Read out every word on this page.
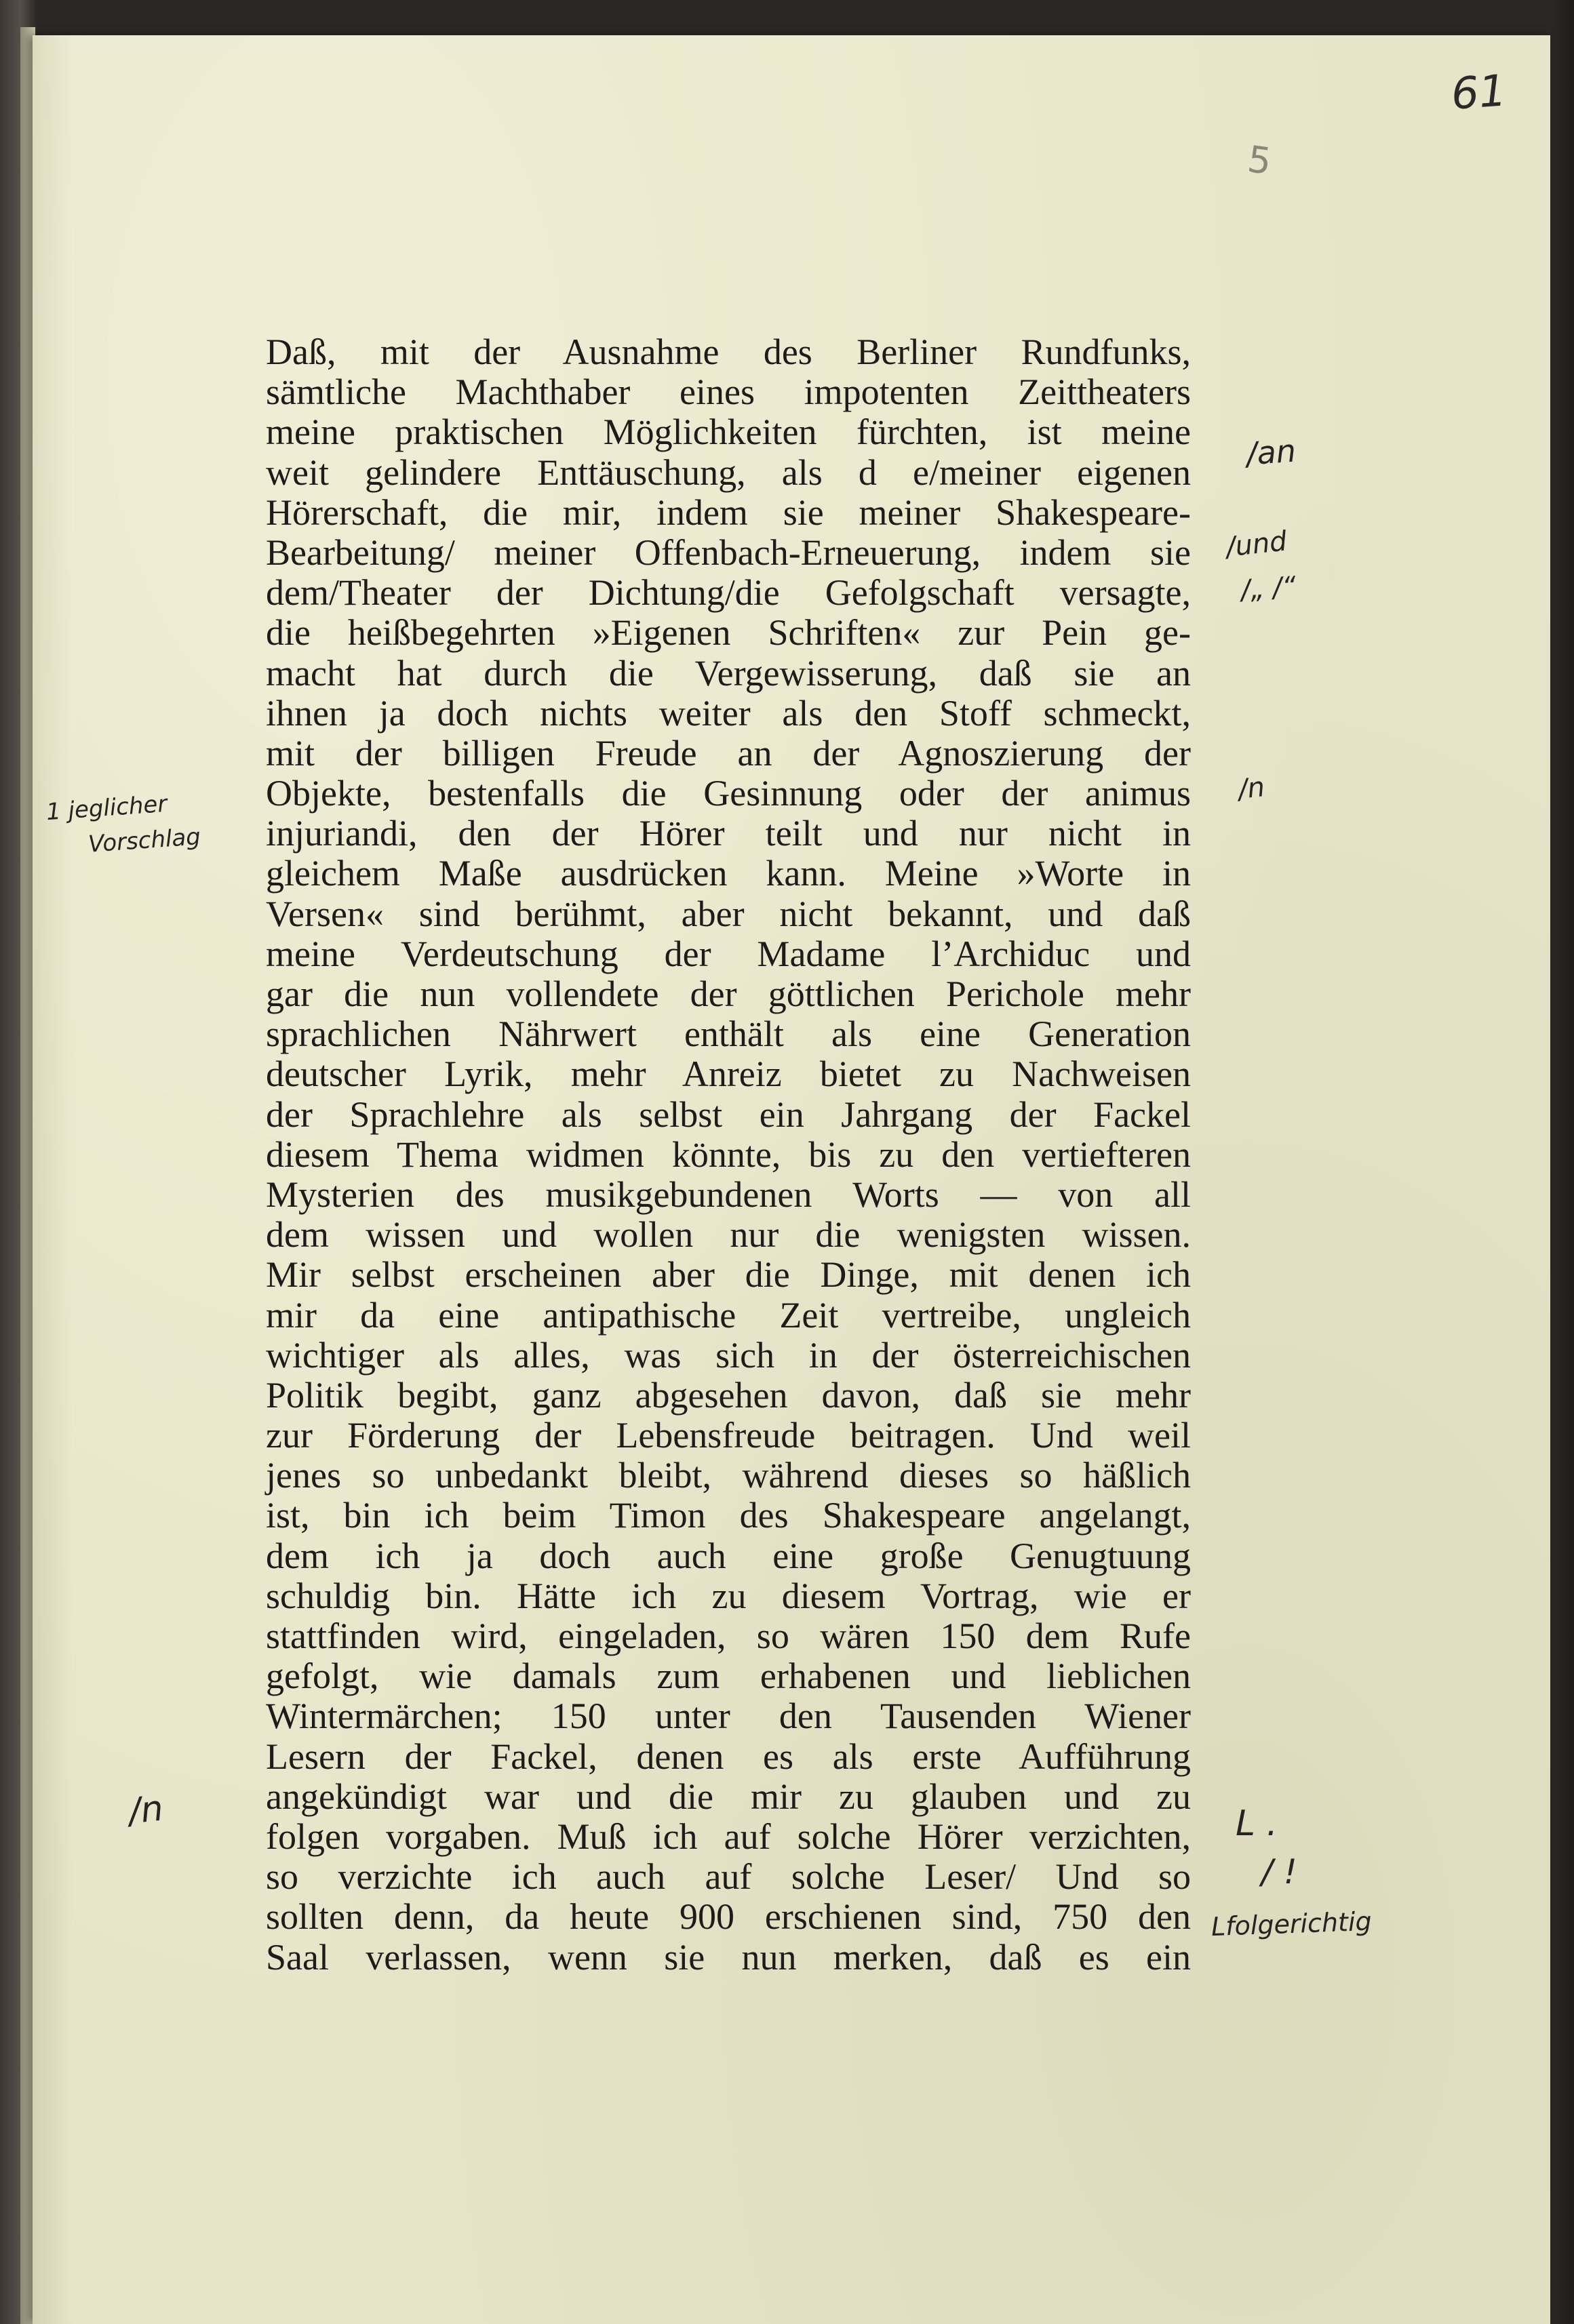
61
5
Daß, mit der Ausnahme des Berliner Rundfunks,
sämtliche Machthaber eines impotenten Zeittheaters
meine praktischen Möglichkeiten fürchten, ist meine
weit gelindere Enttäuschung, als d e/meiner eigenen
Hörerschaft, die mir, indem sie meiner Shakespeare-
Bearbeitung/ meiner Offenbach-Erneuerung, indem sie
dem/Theater der Dichtung/die Gefolgschaft versagte,
die heißbegehrten »Eigenen Schriften« zur Pein ge-
macht hat durch die Vergewisserung, daß sie an
ihnen ja doch nichts weiter als den Stoff schmeckt,
mit der billigen Freude an der Agnoszierung der
Objekte, bestenfalls die Gesinnung oder der animus
injuriandi, den der Hörer teilt und nur nicht in
gleichem Maße ausdrücken kann. Meine »Worte in
Versen« sind berühmt, aber nicht bekannt, und daß
meine Verdeutschung der Madame l’Archiduc und
gar die nun vollendete der göttlichen Perichole mehr
sprachlichen Nährwert enthält als eine Generation
deutscher Lyrik, mehr Anreiz bietet zu Nachweisen
der Sprachlehre als selbst ein Jahrgang der Fackel
diesem Thema widmen könnte, bis zu den vertiefteren
Mysterien des musikgebundenen Worts — von all
dem wissen und wollen nur die wenigsten wissen.
Mir selbst erscheinen aber die Dinge, mit denen ich
mir da eine antipathische Zeit vertreibe, ungleich
wichtiger als alles, was sich in der österreichischen
Politik begibt, ganz abgesehen davon, daß sie mehr
zur Förderung der Lebensfreude beitragen. Und weil
jenes so unbedankt bleibt, während dieses so häßlich
ist, bin ich beim Timon des Shakespeare angelangt,
dem ich ja doch auch eine große Genugtuung
schuldig bin. Hätte ich zu diesem Vortrag, wie er
stattfinden wird, eingeladen, so wären 150 dem Rufe
gefolgt, wie damals zum erhabenen und lieblichen
Wintermärchen; 150 unter den Tausenden Wiener
Lesern der Fackel, denen es als erste Aufführung
angekündigt war und die mir zu glauben und zu
folgen vorgaben. Muß ich auf solche Hörer verzichten,
so verzichte ich auch auf solche Leser/ Und so
sollten denn, da heute 900 erschienen sind, 750 den
Saal verlassen, wenn sie nun merken, daß es ein
/an
/und
/„ /“
/n
1 jeglicher
Vorschlag
/n	L .
/ !
Lfolgerichtig
